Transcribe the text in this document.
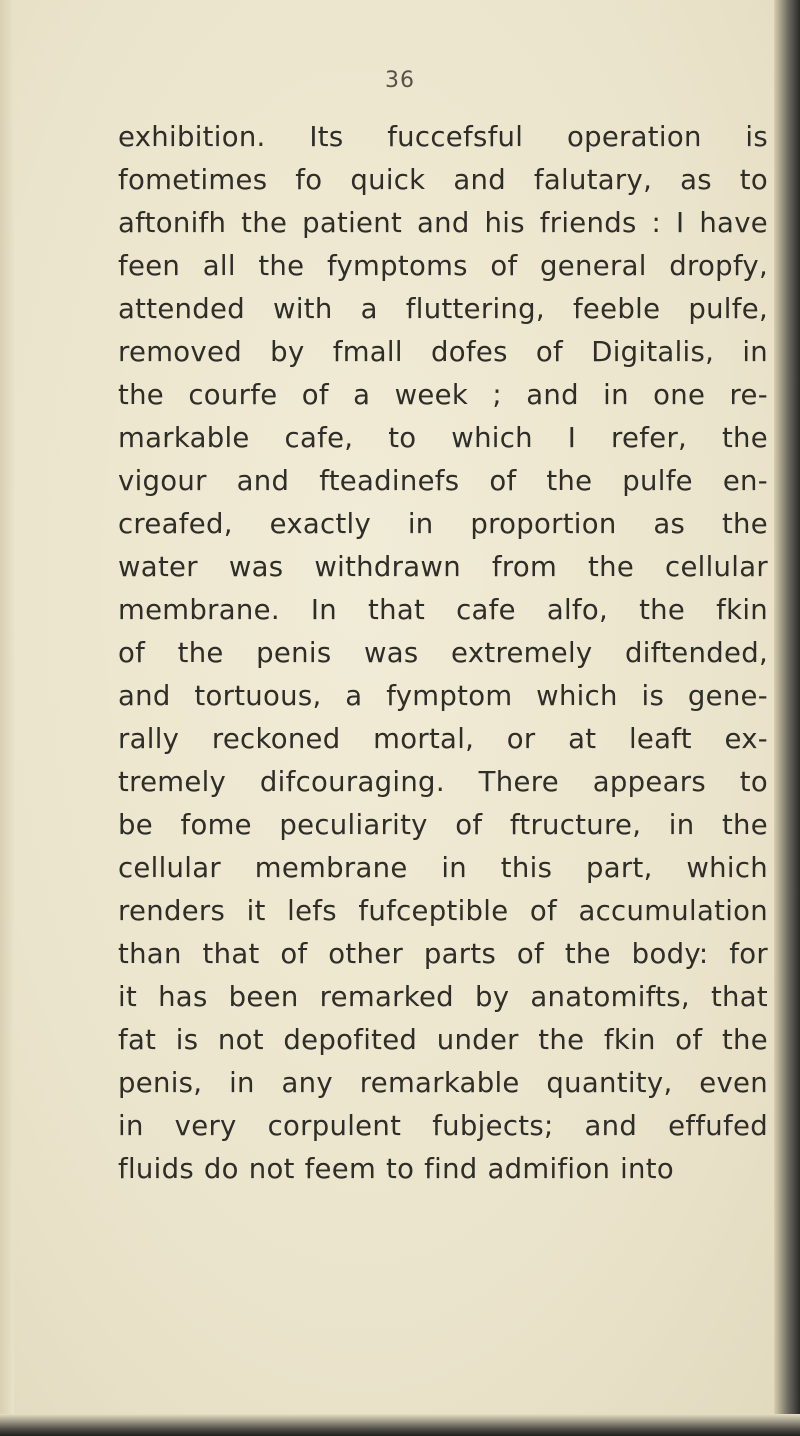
36
exhibition. Its fuccefsful operation is
fometimes fo quick and falutary, as to
aftonifh the patient and his friends : I have
feen all the fymptoms of general dropfy,
attended with a fluttering, feeble pulfe,
removed by fmall dofes of Digitalis, in
the courfe of a week ; and in one re-
markable cafe, to which I refer, the
vigour and fteadinefs of the pulfe en-
creafed, exactly in proportion as the
water was withdrawn from the cellular
membrane. In that cafe alfo, the fkin
of the penis was extremely diftended,
and tortuous, a fymptom which is gene-
rally reckoned mortal, or at leaft ex-
tremely difcouraging. There appears to
be fome peculiarity of ftructure, in the
cellular membrane in this part, which
renders it lefs fufceptible of accumulation
than that of other parts of the body: for
it has been remarked by anatomifts, that
fat is not depofited under the fkin of the
penis, in any remarkable quantity, even
in very corpulent fubjects; and effufed
fluids do not feem to find admifion into
